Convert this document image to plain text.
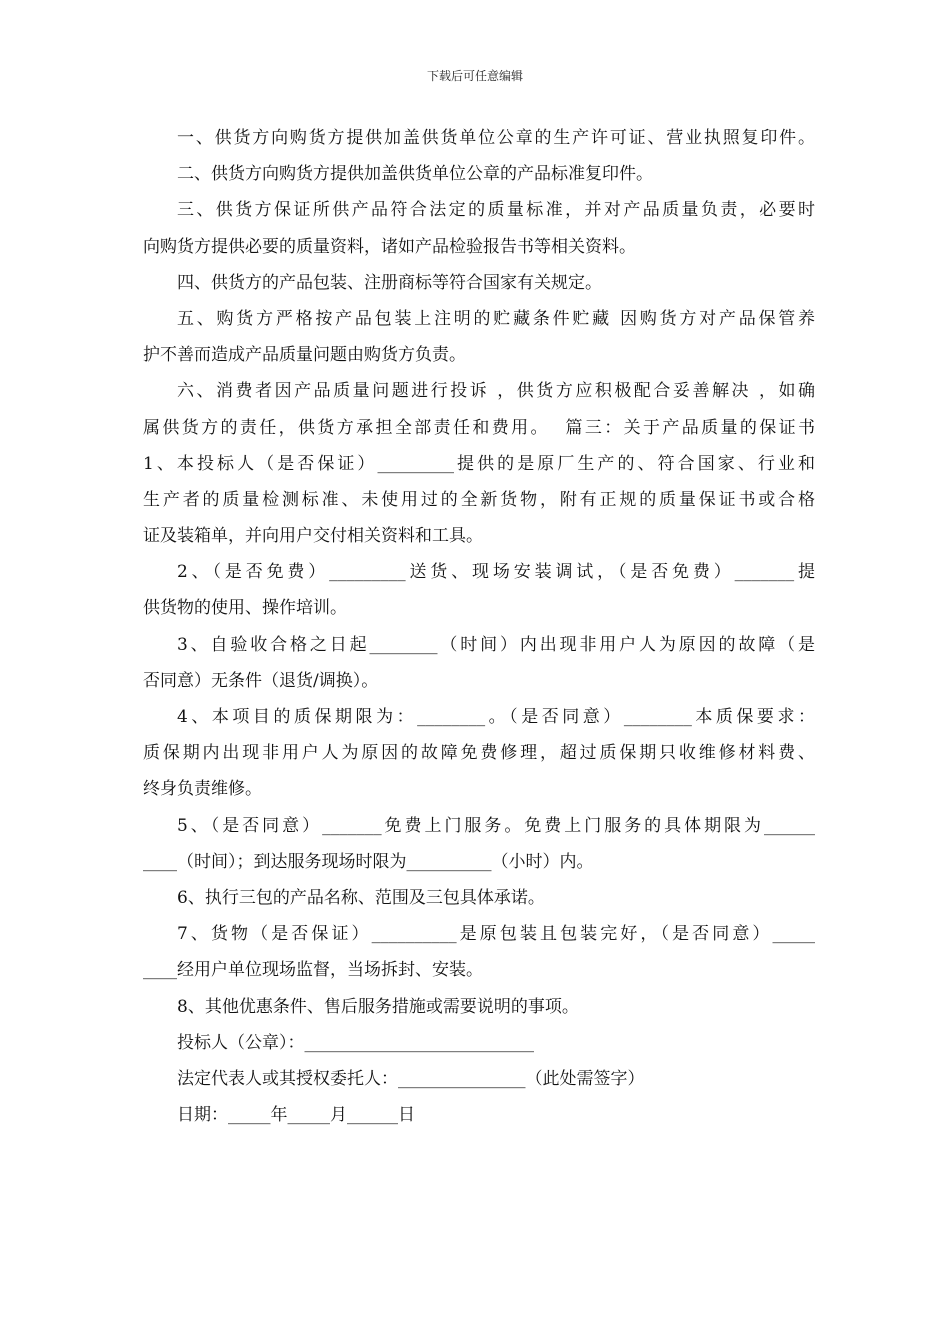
下载后可任意编辑
一、供货方向购货方提供加盖供货单位公章的生产许可证、营业执照复印件。
二、供货方向购货方提供加盖供货单位公章的产品标准复印件。
三、供货方保证所供产品符合法定的质量标准，并对产品质量负责，必要时
向购货方提供必要的质量资料，诸如产品检验报告书等相关资料。
四、供货方的产品包装、注册商标等符合国家有关规定。
五、购货方严格按产品包装上注明的贮藏条件贮藏 因购货方对产品保管养
护不善而造成产品质量问题由购货方负责。
六、消费者因产品质量问题进行投诉 ，供货方应积极配合妥善解决 ，如确
属供货方的责任，供货方承担全部责任和费用。  篇三：关于产品质量的保证书
1、本投标人（是否保证）_________提供的是原厂生产的、符合国家、行业和
生产者的质量检测标准、未使用过的全新货物，附有正规的质量保证书或合格
证及装箱单，并向用户交付相关资料和工具。
2、（是否免费）_________送货、现场安装调试，（是否免费）_______提
供货物的使用、操作培训。
3、自验收合格之日起________（时间）内出现非用户人为原因的故障（是
否同意）无条件（退货/调换）。
4、本项目的质保期限为：________。（是否同意）________本质保要求：
质保期内出现非用户人为原因的故障免费修理，超过质保期只收维修材料费、
终身负责维修。
5、（是否同意）_______免费上门服务。免费上门服务的具体期限为______
____（时间）；到达服务现场时限为__________（小时）内。
6、执行三包的产品名称、范围及三包具体承诺。
7、货物（是否保证）__________是原包装且包装完好，（是否同意）_____
____经用户单位现场监督，当场拆封、安装。
8、其他优惠条件、售后服务措施或需要说明的事项。
投标人（公章）：___________________________
法定代表人或其授权委托人：_______________（此处需签字）
日期：_____年_____月______日
